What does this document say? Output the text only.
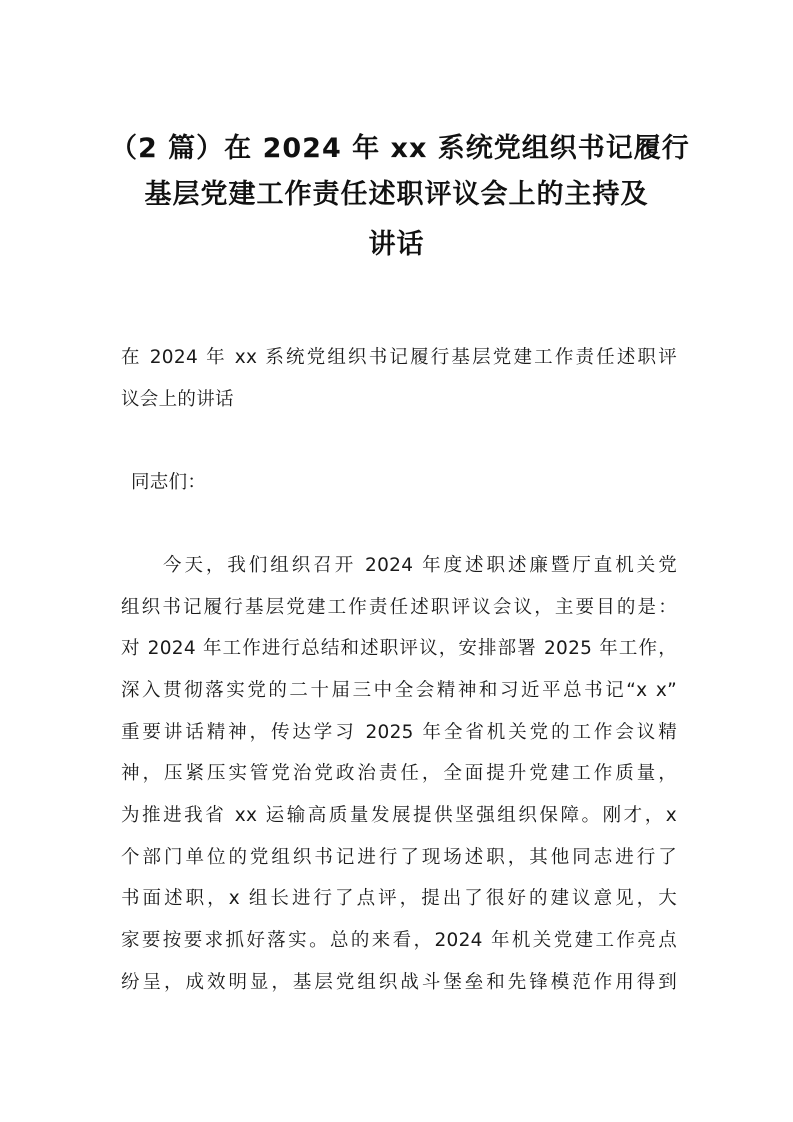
（2 篇）在 2024 年 xx 系统党组织书记履行
基层党建工作责任述职评议会上的主持及
讲话
在 2024 年 xx 系统党组织书记履行基层党建工作责任述职评
议会上的讲话
同志们：
今天，我们组织召开 2024 年度述职述廉暨厅直机关党
组织书记履行基层党建工作责任述职评议会议，主要目的是：
对 2024 年工作进行总结和述职评议，安排部署 2025 年工作，
深入贯彻落实党的二十届三中全会精神和习近平总书记“x x”
重要讲话精神，传达学习 2025 年全省机关党的工作会议精
神，压紧压实管党治党政治责任，全面提升党建工作质量，
为推进我省 xx 运输高质量发展提供坚强组织保障。刚才，x
个部门单位的党组织书记进行了现场述职，其他同志进行了
书面述职，x 组长进行了点评，提出了很好的建议意见，大
家要按要求抓好落实。总的来看，2024 年机关党建工作亮点
纷呈，成效明显，基层党组织战斗堡垒和先锋模范作用得到
